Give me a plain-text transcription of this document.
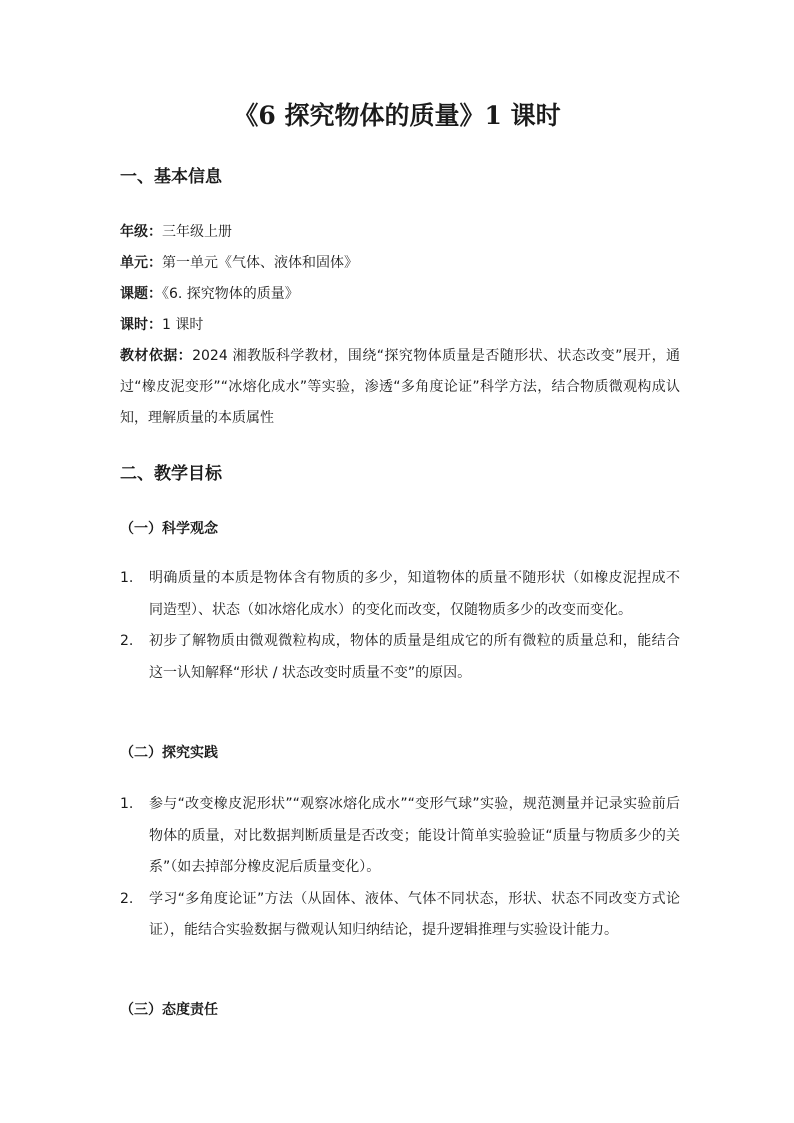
《6 探究物体的质量》1 课时
一、基本信息
年级：三年级上册
单元：第一单元《气体、液体和固体》
课题：《6. 探究物体的质量》
课时：1 课时
教材依据：2024 湘教版科学教材，围绕“探究物体质量是否随形状、状态改变”展开，通过“橡皮泥变形”“冰熔化成水”等实验，渗透“多角度论证”科学方法，结合物质微观构成认知，理解质量的本质属性
二、教学目标
（一）科学观念
1. 明确质量的本质是物体含有物质的多少，知道物体的质量不随形状（如橡皮泥捏成不同造型）、状态（如冰熔化成水）的变化而改变，仅随物质多少的改变而变化。
2. 初步了解物质由微观微粒构成，物体的质量是组成它的所有微粒的质量总和，能结合这一认知解释“形状 / 状态改变时质量不变”的原因。
（二）探究实践
1. 参与“改变橡皮泥形状”“观察冰熔化成水”“变形气球”实验，规范测量并记录实验前后物体的质量，对比数据判断质量是否改变；能设计简单实验验证“质量与物质多少的关系”（如去掉部分橡皮泥后质量变化）。
2. 学习“多角度论证”方法（从固体、液体、气体不同状态，形状、状态不同改变方式论证），能结合实验数据与微观认知归纳结论，提升逻辑推理与实验设计能力。
（三）态度责任
